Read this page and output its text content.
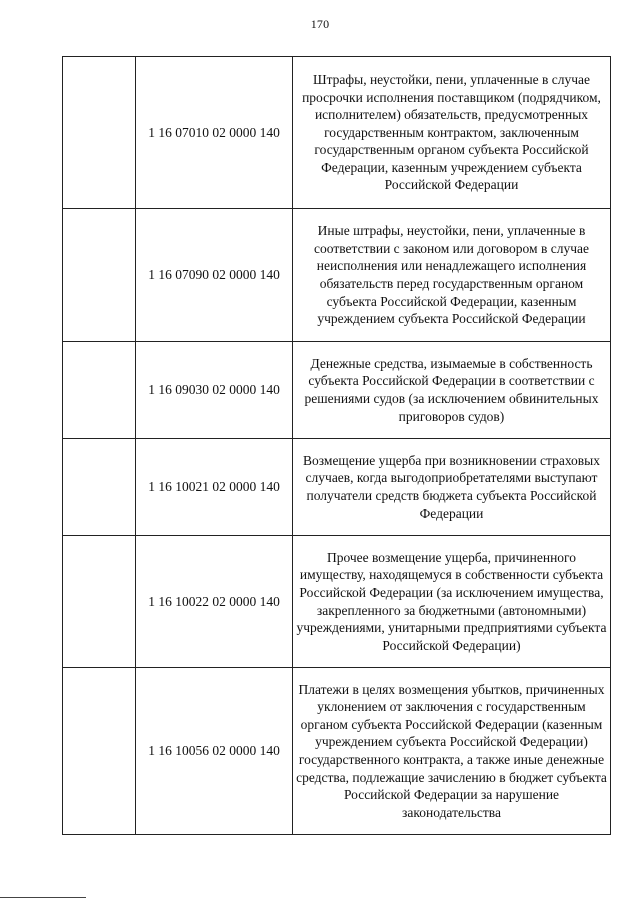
170
	1 16 07010 02 0000 140	Штрафы, неустойки, пени, уплаченные в случае просрочки исполнения поставщиком (подрядчиком, исполнителем) обязательств, предусмотренных государственным контрактом, заключенным государственным органом субъекта Российской Федерации, казенным учреждением субъекта Российской Федерации
	1 16 07090 02 0000 140	Иные штрафы, неустойки, пени, уплаченные в соответствии с законом или договором в случае неисполнения или ненадлежащего исполнения обязательств перед государственным органом субъекта Российской Федерации, казенным учреждением субъекта Российской Федерации
	1 16 09030 02 0000 140	Денежные средства, изымаемые в собственность субъекта Российской Федерации в соответствии с решениями судов (за исключением обвинительных приговоров судов)
	1 16 10021 02 0000 140	Возмещение ущерба при возникновении страховых случаев, когда выгодоприобретателями выступают получатели средств бюджета субъекта Российской Федерации
	1 16 10022 02 0000 140	Прочее возмещение ущерба, причиненного имуществу, находящемуся в собственности субъекта Российской Федерации (за исключением имущества, закрепленного за бюджетными (автономными) учреждениями, унитарными предприятиями субъекта Российской Федерации)
	1 16 10056 02 0000 140	Платежи в целях возмещения убытков, причиненных уклонением от заключения с государственным органом субъекта Российской Федерации (казенным учреждением субъекта Российской Федерации) государственного контракта, а также иные денежные средства, подлежащие зачислению в бюджет субъекта Российской Федерации за нарушение законодательства
